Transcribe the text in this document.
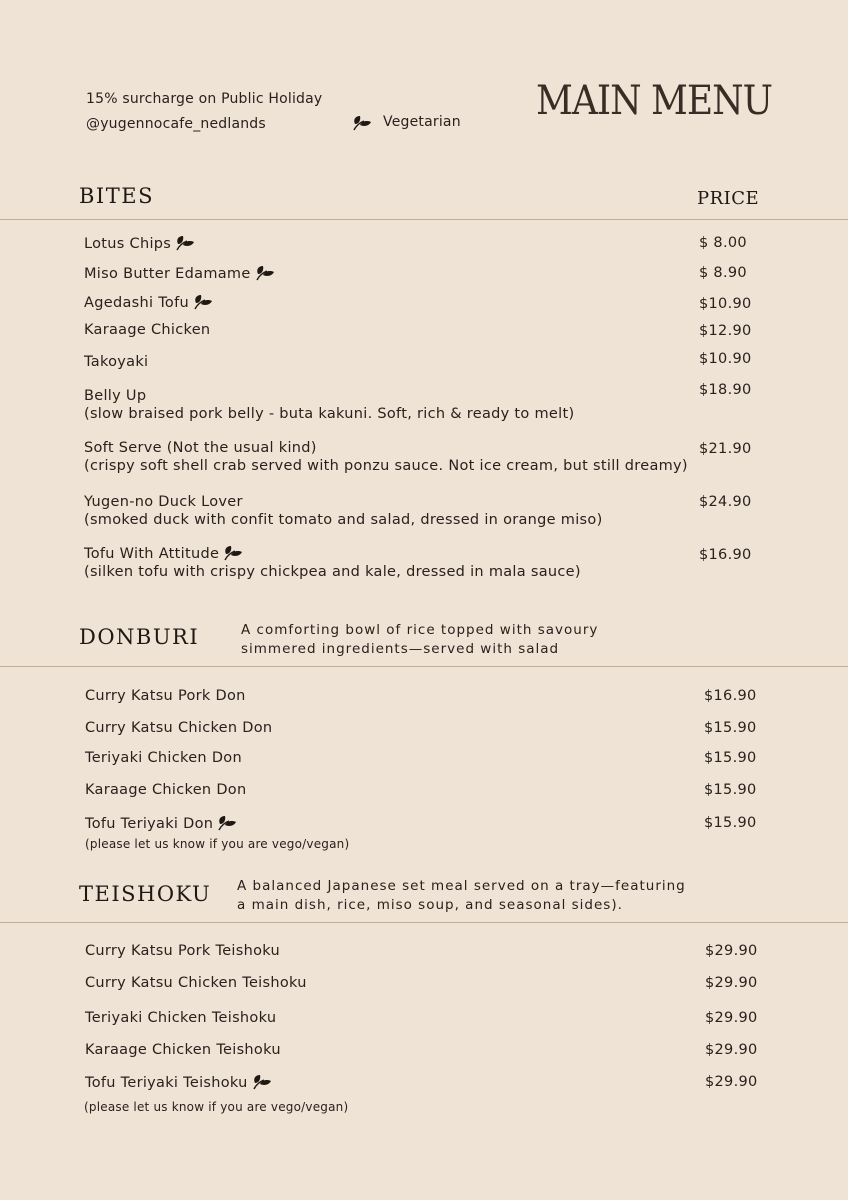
15% surcharge on Public Holiday
@yugennocafe_nedlands	Vegetarian MAIN MENU
BITES	PRICE
Lotus Chips	$ 8.00
Miso Butter Edamame	$ 8.90
Agedashi Tofu	$10.90
Karaage Chicken	$12.90
Takoyaki	$10.90
Belly Up
(slow braised pork belly - buta kakuni. Soft, rich & ready to melt)
$18.90
Soft Serve (Not the usual kind)
(crispy soft shell crab served with ponzu sauce. Not ice cream, but still dreamy)
$21.90
Yugen-no Duck Lover
(smoked duck with confit tomato and salad, dressed in orange miso)
$24.90
Tofu With Attitude
(silken tofu with crispy chickpea and kale, dressed in mala sauce)
$16.90
DONBURI	A comforting bowl of rice topped with savoury
simmered ingredients—served with salad
Curry Katsu Pork Don	$16.90
Curry Katsu Chicken Don	$15.90
Teriyaki Chicken Don	$15.90
Karaage Chicken Don	$15.90
Tofu Teriyaki Don	$15.90
(please let us know if you are vego/vegan)
TEISHOKU A balanced Japanese set meal served on a tray—featuring
a main dish, rice, miso soup, and seasonal sides).
Curry Katsu Pork Teishoku	$29.90
Curry Katsu Chicken Teishoku	$29.90
Teriyaki Chicken Teishoku	$29.90
Karaage Chicken Teishoku	$29.90
Tofu Teriyaki Teishoku	$29.90
(please let us know if you are vego/vegan)
